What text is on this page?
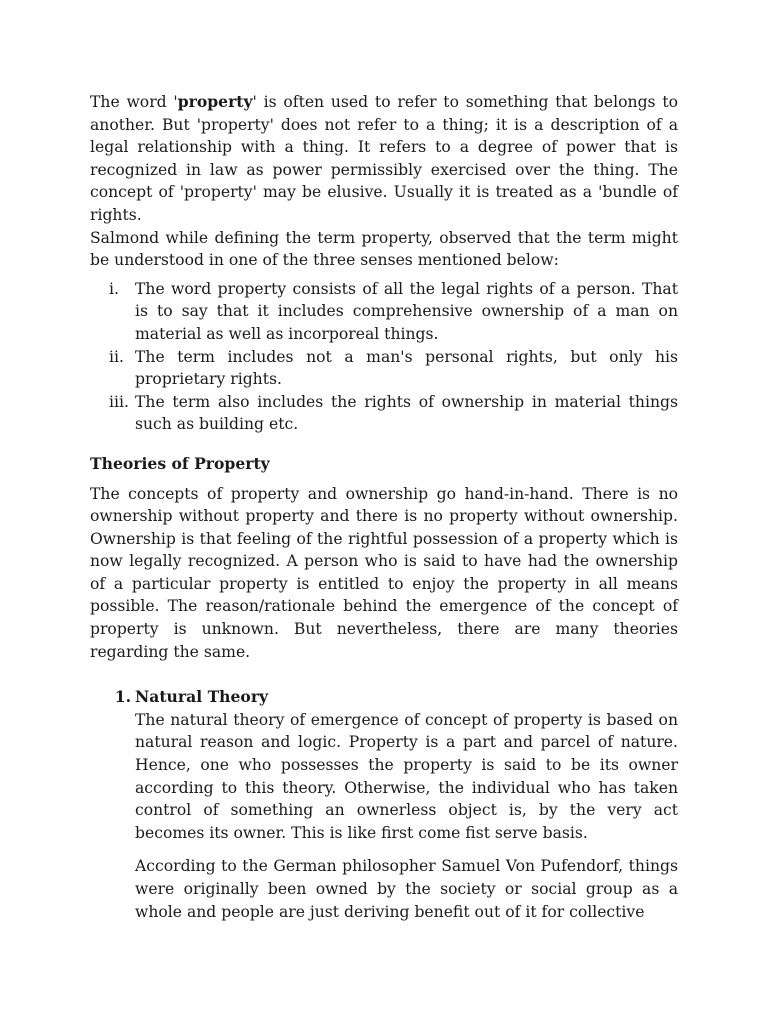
The word 'property' is often used to refer to something that belongs to another. But 'property' does not refer to a thing; it is a description of a legal relationship with a thing. It refers to a degree of power that is recognized in law as power permissibly exercised over the thing. The concept of 'property' may be elusive. Usually it is treated as a 'bundle of rights.

Salmond while defining the term property, observed that the term might be understood in one of the three senses mentioned below:

i.	The word property consists of all the legal rights of a person. That is to say that it includes comprehensive ownership of a man on material as well as incorporeal things.
ii. The term includes not a man's personal rights, but only his proprietary rights.
iii. The term also includes the rights of ownership in material things such as building etc.

Theories of Property

The concepts of property and ownership go hand-in-hand. There is no ownership without property and there is no property without ownership. Ownership is that feeling of the rightful possession of a property which is now legally recognized. A person who is said to have had the ownership of a particular property is entitled to enjoy the property in all means possible. The reason/rationale behind the emergence of the concept of property is unknown. But nevertheless, there are many theories regarding the same.

1. Natural Theory

The natural theory of emergence of concept of property is based on natural reason and logic. Property is a part and parcel of nature. Hence, one who possesses the property is said to be its owner according to this theory. Otherwise, the individual who has taken control of something an ownerless object is, by the very act becomes its owner. This is like first come fist serve basis.

According to the German philosopher Samuel Von Pufendorf, things were originally been owned by the society or social group as a whole and people are just deriving benefit out of it for collective
